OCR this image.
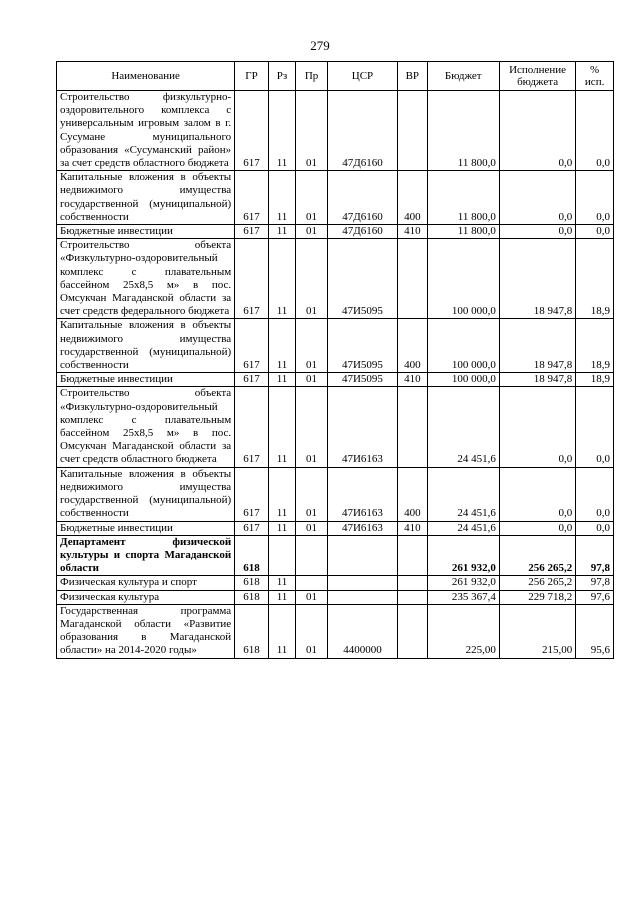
279
Наименование	ГР	Рз	Пр	ЦСР	ВР	Бюджет	Исполнение бюджета	% исп.
Строительство физкультурно-оздоровительного комплекса с универсальным игровым залом в г. Сусумане муниципального образования «Сусуманский район» за счет средств областного бюджета	617	11	01	47Д6160		11 800,0	0,0	0,0
Капитальные вложения в объекты недвижимого имущества государственной (муниципальной) собственности	617	11	01	47Д6160	400	11 800,0	0,0	0,0
Бюджетные инвестиции	617	11	01	47Д6160	410	11 800,0	0,0	0,0
Строительство объекта «Физкультурно-оздоровительный комплекс с плавательным бассейном 25х8,5 м» в пос. Омсукчан Магаданской области за счет средств федерального бюджета	617	11	01	47И5095		100 000,0	18 947,8	18,9
Капитальные вложения в объекты недвижимого имущества государственной (муниципальной) собственности	617	11	01	47И5095	400	100 000,0	18 947,8	18,9
Бюджетные инвестиции	617	11	01	47И5095	410	100 000,0	18 947,8	18,9
Строительство объекта «Физкультурно-оздоровительный комплекс с плавательным бассейном 25х8,5 м» в пос. Омсукчан Магаданской области за счет средств областного бюджета	617	11	01	47И6163		24 451,6	0,0	0,0
Капитальные вложения в объекты недвижимого имущества государственной (муниципальной) собственности	617	11	01	47И6163	400	24 451,6	0,0	0,0
Бюджетные инвестиции	617	11	01	47И6163	410	24 451,6	0,0	0,0
Департамент физической культуры и спорта Магаданской области	618					261 932,0	256 265,2	97,8
Физическая культура и спорт	618	11				261 932,0	256 265,2	97,8
Физическая культура	618	11	01			235 367,4	229 718,2	97,6
Государственная программа Магаданской области «Развитие образования в Магаданской области» на 2014-2020 годы»	618	11	01	4400000		225,00	215,00	95,6
